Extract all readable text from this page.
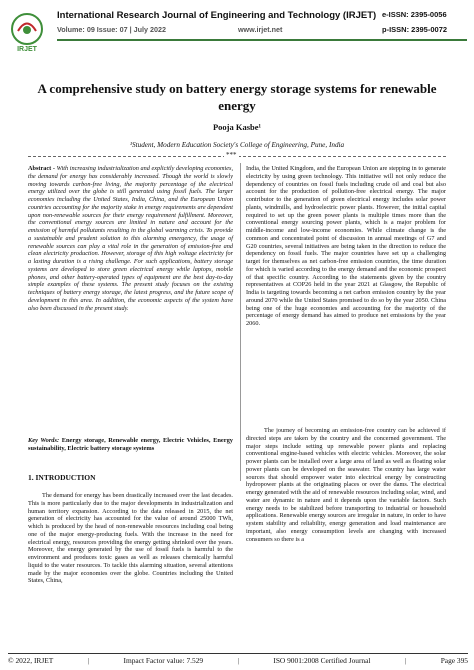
IRJET
International Research Journal of Engineering and Technology (IRJET)
Volume: 09 Issue: 07 | July 2022	www.irjet.net
e-ISSN: 2395-0056
p-ISSN: 2395-0072
A comprehensive study on battery energy storage systems for renewable energy
Pooja Kasbe¹
¹Student, Modern Education Society's College of Engineering, Pune, India
***

Abstract - With increasing industrialization and explicitly developing economies, the demand for energy has considerably increased. Though the world is slowly moving towards carbon-free living, the majority percentage of the electrical energy utilized over the globe is still generated using fossil fuels. The larger economies including the United States, India, China, and the European Union countries accounting for the majority stake in energy requirements are dependent upon non-renewable sources for their energy requirement fulfillment. Moreover, the conventional energy sources are limited in nature and account for the emission of harmful pollutants resulting in the global warming crisis. To provide a sustainable and prudent solution to this alarming emergency, the usage of renewable sources can play a vital role in the generation of emission-free and clean electricity production. However, storage of this high voltage electricity for a lasting duration is a rising challenge. For such applications, battery storage systems are developed to store green electrical energy while laptops, mobile phones, and other battery-operated types of equipment are the best day-to-day simple examples of these systems. The present study focuses on the existing techniques of battery energy storage, the latest progress, and the future scope of development in this area. In addition, the economic aspects of the system have also been discussed in the present study.

Key Words: Energy storage, Renewable energy, Electric Vehicles, Energy sustainability, Electric battery storage systems

1. INTRODUCTION

The demand for energy has been drastically increased over the last decades. This is more particularly due to the major developments in industrialization and human territory expansion. According to the data released in 2015, the net generation of electricity has accounted for the value of around 25000 TWh, which is produced by the head of non-renewable resources including coal being one of the major energy-producing fuels. With the increase in the need for electrical energy, resources providing the energy getting shrinked over the years. Moreover, the energy generated by the use of fossil fuels is harmful to the environment and produces toxic gases as well as releases chemically harmful liquid to the water resources. To tackle this alarming situation, several attentions made by the major economies over the globe. Countries including the United States, China,

India, the United Kingdom, and the European Union are stepping in to generate electricity by using green technology. This initiative will not only reduce the dependency of countries on fossil fuels including crude oil and coal but also account for the production of pollution-free electrical energy. The major contributor to the generation of green electrical energy includes solar power plants, windmills, and hydroelectric power plants. However, the initial capital required to set up the green power plants is multiple times more than the conventional energy sourcing power plants, which is a major problem for middle-income and low-income economies. While climate change is the common and concentrated point of discussion in annual meetings of G7 and G20 countries, several initiatives are being taken in the direction to reduce the dependency on fossil fuels. The major countries have set up a challenging target for themselves as net carbon-free emission countries, the time duration for which is varied according to the energy demand and the economic prospect of that specific country. According to the statements given by the country representatives at COP26 held in the year 2021 at Glasgow, the Republic of India is targeting towards becoming a net carbon emission country by the year around 2070 while the United States promised to do so by the year 2050. China being one of the huge economies and accounting for the majority of the percentage of energy demand has aimed to produce net emissions by the year 2060.

The journey of becoming an emission-free country can be achieved if directed steps are taken by the country and the concerned government. The major steps include setting up renewable power plants and replacing conventional engine-based vehicles with electric vehicles. Moreover, the solar power plants can be installed over a large area of land as well as floating solar power plants can be developed on the seawater. The country has large water sources that should empower water into electrical energy by constructing hydropower plants at the originating places or over the dams. The electrical energy generated with the aid of renewable resources including solar, wind, and water are dynamic in nature and it depends upon the variable factors. Such energy needs to be stabilized before transporting to industrial or household applications. Renewable energy sources are irregular in nature, in order to have system stability and reliability, energy generation and load maintenance are important, also energy consumption levels are changing with increased consumers so there is a

© 2022, IRJET	|	Impact Factor value: 7.529	|	ISO 9001:2008 Certified Journal	|	Page 395
